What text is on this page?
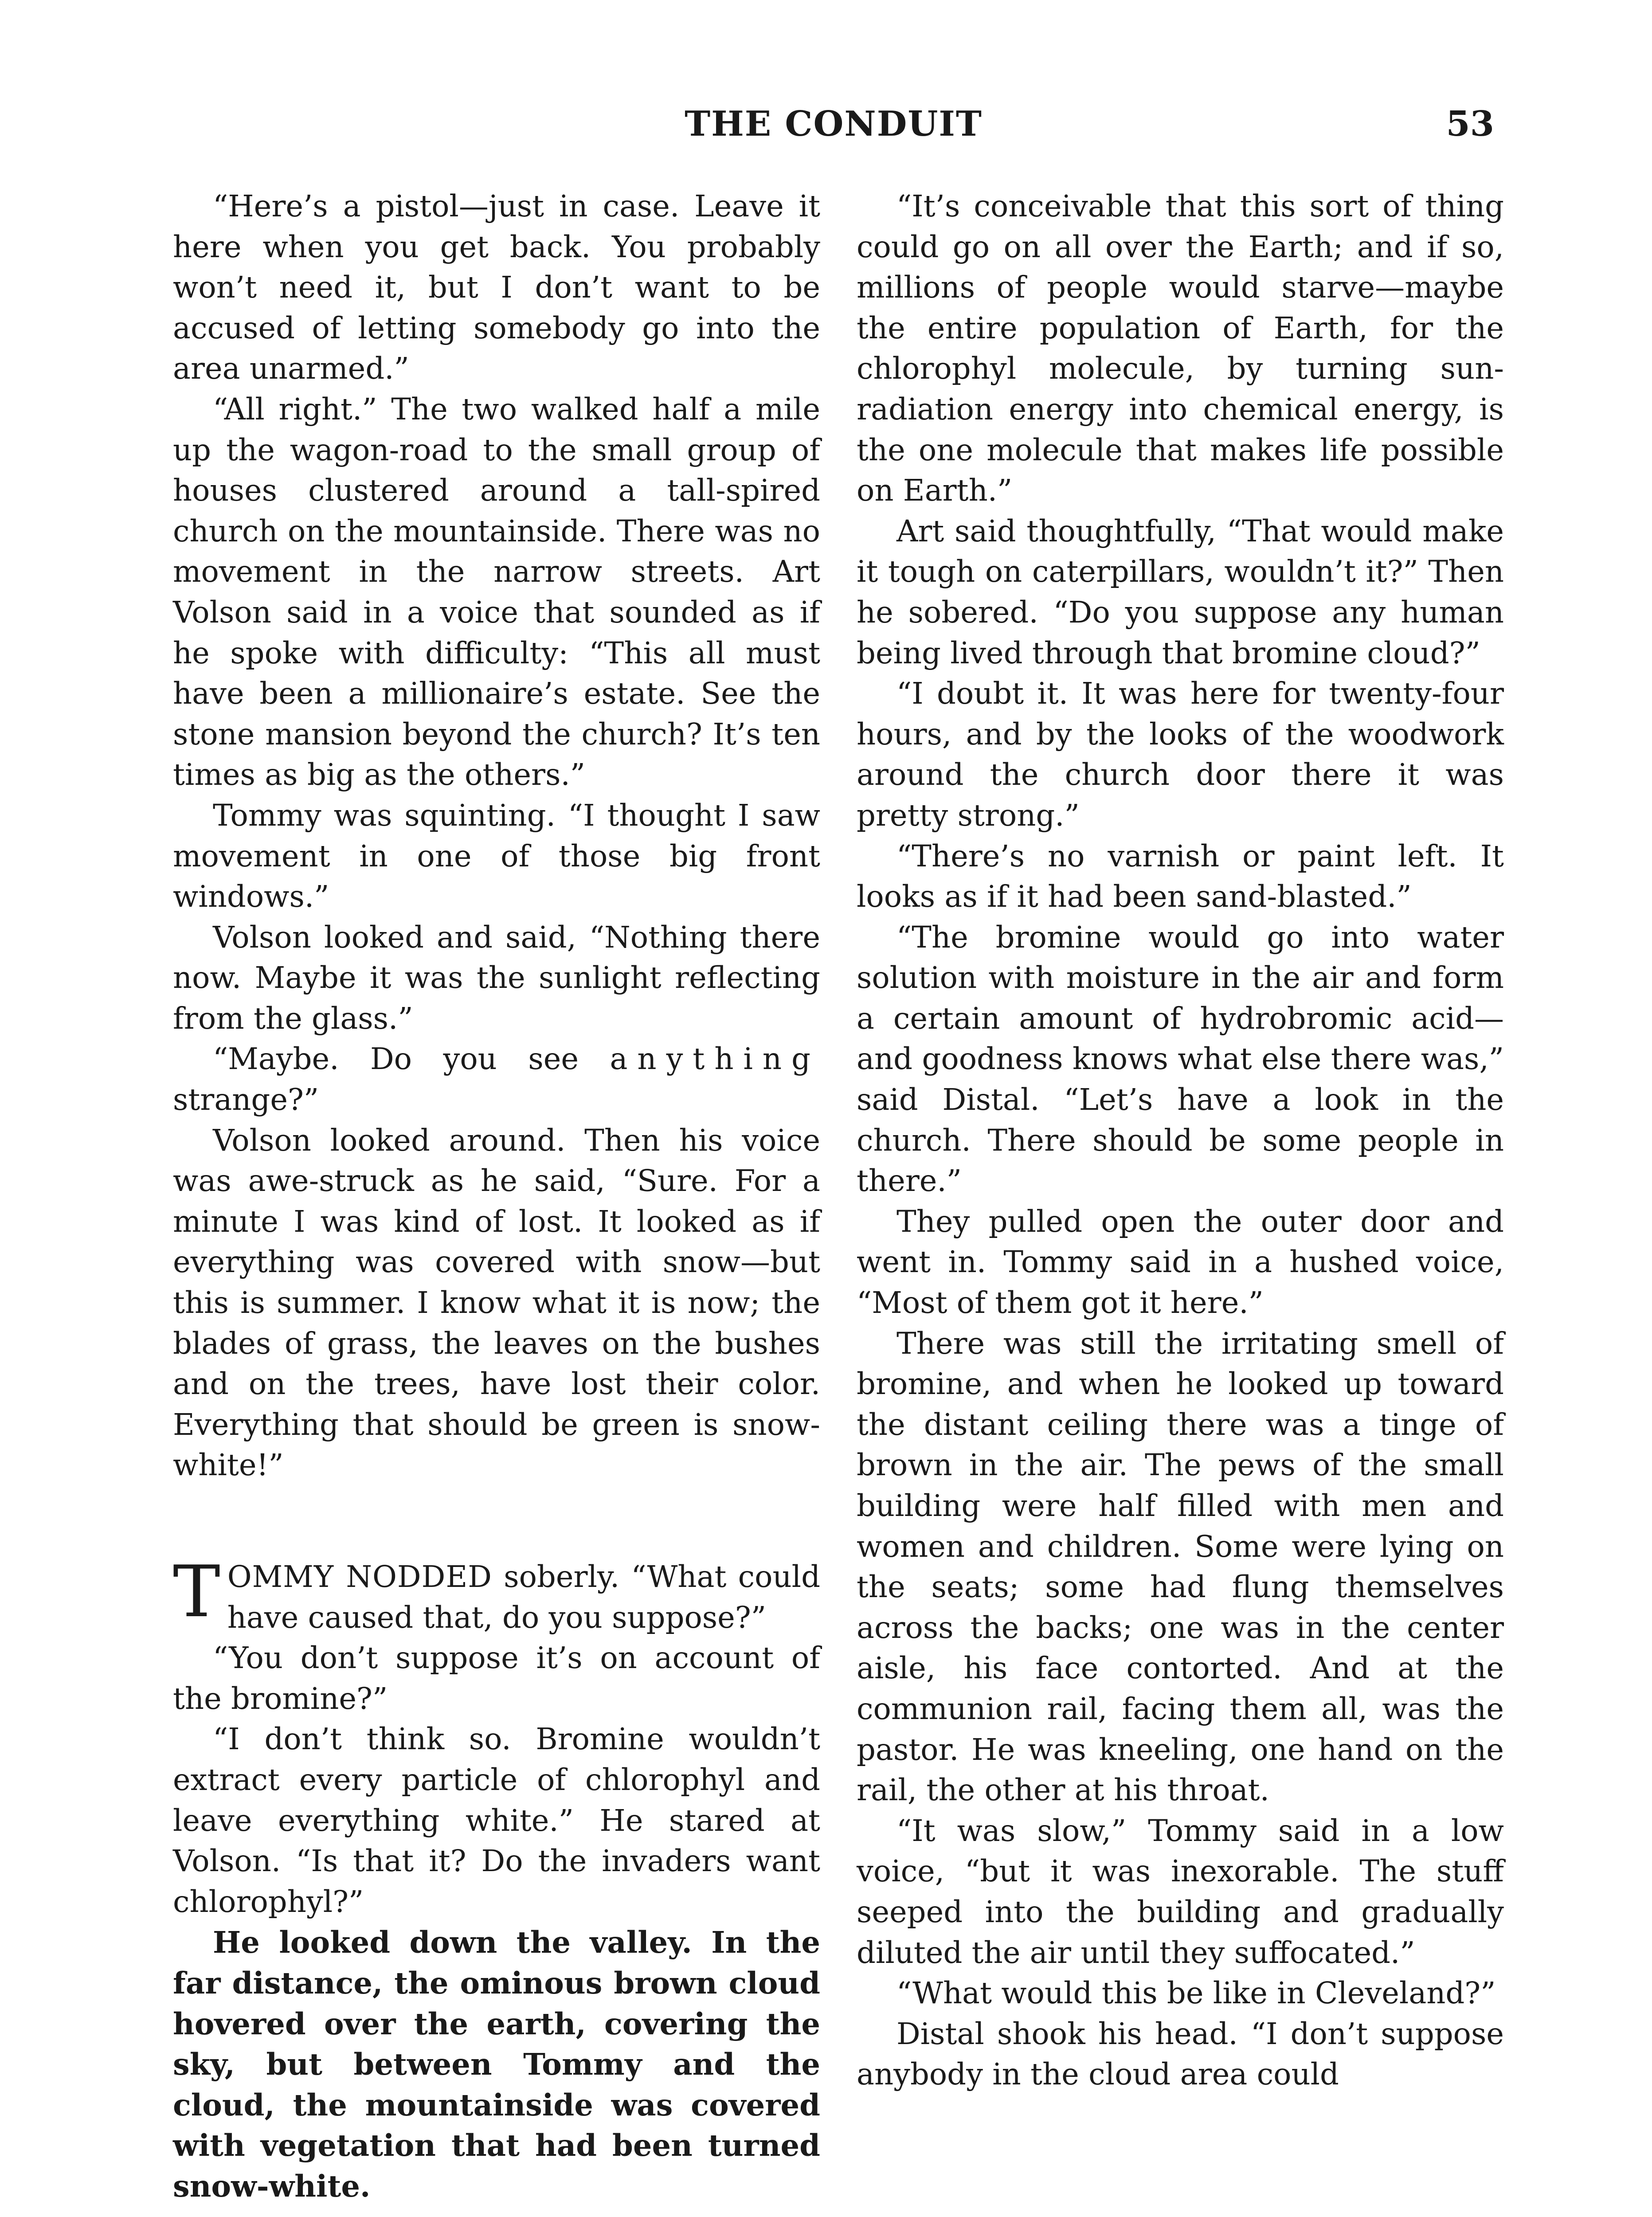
THE CONDUIT	53

“Here’s a pistol—just in case. Leave it here when you get back. You probably won’t need it, but I don’t want to be accused of letting somebody go into the area unarmed.”

“All right.” The two walked half a mile up the wagon-road to the small group of houses clustered around a tall-spired church on the mountainside. There was no movement in the narrow streets. Art Volson said in a voice that sounded as if he spoke with difficulty: “This all must have been a millionaire’s estate. See the stone mansion beyond the church? It’s ten times as big as the others.”

Tommy was squinting. “I thought I saw movement in one of those big front windows.”

Volson looked and said, “Nothing there now. Maybe it was the sunlight reflecting from the glass.”

“Maybe. Do you see anything strange?”

Volson looked around. Then his voice was awe-struck as he said, “Sure. For a minute I was kind of lost. It looked as if everything was covered with snow—but this is summer. I know what it is now; the blades of grass, the leaves on the bushes and on the trees, have lost their color. Everything that should be green is snow-white!”

TOMMY NODDED soberly. “What could have caused that, do you suppose?”

“You don’t suppose it’s on account of the bromine?”

“I don’t think so. Bromine wouldn’t extract every particle of chlorophyl and leave everything white.” He stared at Volson. “Is that it? Do the invaders want chlorophyl?”

He looked down the valley. In the far distance, the ominous brown cloud hovered over the earth, covering the sky, but between Tommy and the cloud, the mountainside was covered with vegetation that had been turned snow-white.

“It’s conceivable that this sort of thing could go on all over the Earth; and if so, millions of people would starve—maybe the entire population of Earth, for the chlorophyl molecule, by turning sun-radiation energy into chemical energy, is the one molecule that makes life possible on Earth.”

Art said thoughtfully, “That would make it tough on caterpillars, wouldn’t it?” Then he sobered. “Do you suppose any human being lived through that bromine cloud?”

“I doubt it. It was here for twenty-four hours, and by the looks of the woodwork around the church door there it was pretty strong.”

“There’s no varnish or paint left. It looks as if it had been sand-blasted.”

“The bromine would go into water solution with moisture in the air and form a certain amount of hydrobromic acid—and goodness knows what else there was,” said Distal. “Let’s have a look in the church. There should be some people in there.”

They pulled open the outer door and went in. Tommy said in a hushed voice, “Most of them got it here.”

There was still the irritating smell of bromine, and when he looked up toward the distant ceiling there was a tinge of brown in the air. The pews of the small building were half filled with men and women and children. Some were lying on the seats; some had flung themselves across the backs; one was in the center aisle, his face contorted. And at the communion rail, facing them all, was the pastor. He was kneeling, one hand on the rail, the other at his throat.

“It was slow,” Tommy said in a low voice, “but it was inexorable. The stuff seeped into the building and gradually diluted the air until they suffocated.”

“What would this be like in Cleveland?”

Distal shook his head. “I don’t suppose anybody in the cloud area could
